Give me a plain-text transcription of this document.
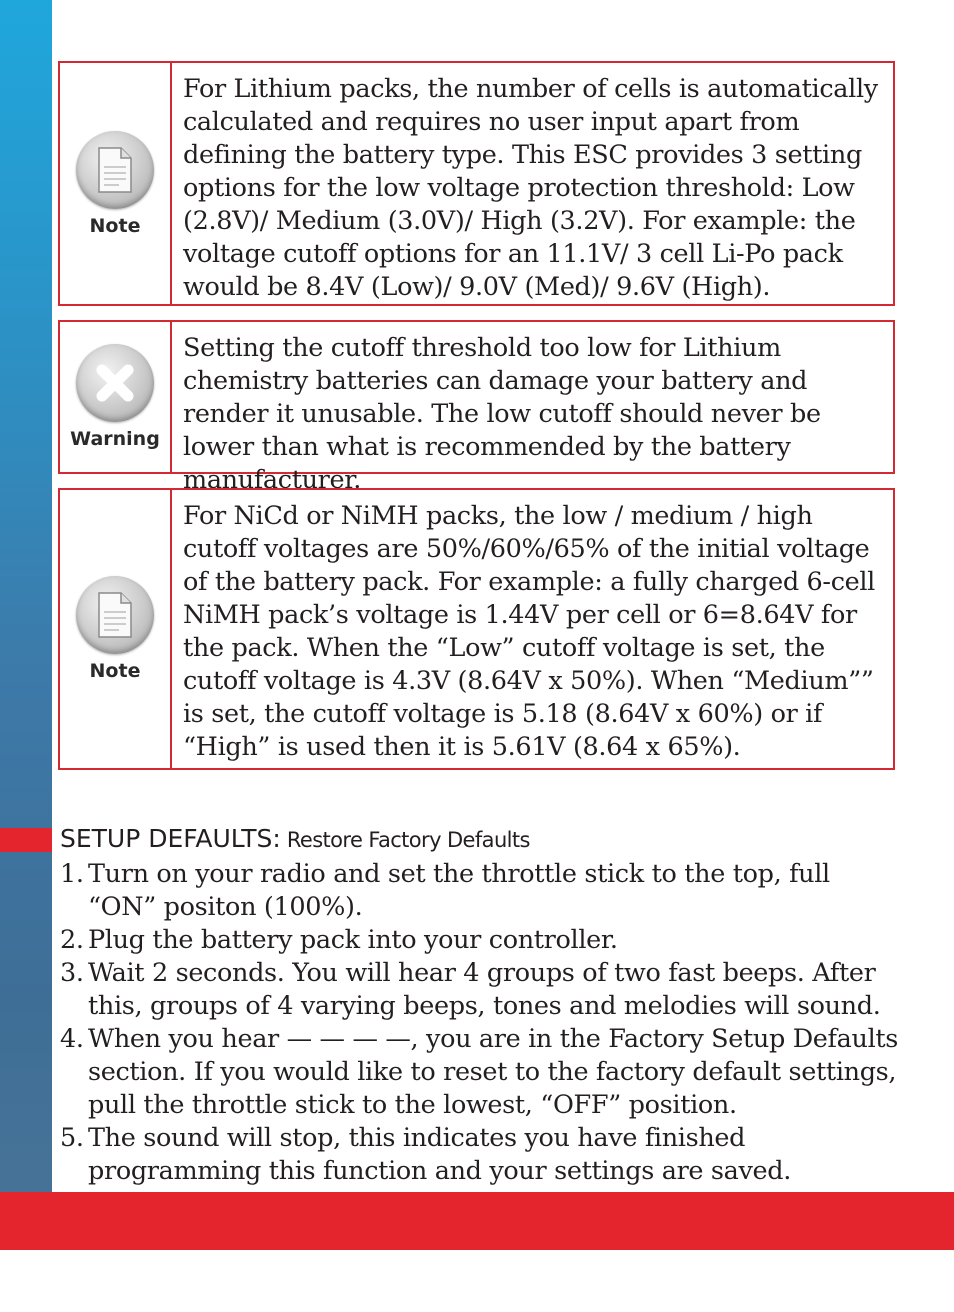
Note
For Lithium packs, the number of cells is automatically calculated and requires no user input apart from defining the battery type. This ESC provides 3 setting options for the low voltage protection threshold: Low (2.8V)/ Medium (3.0V)/ High (3.2V). For example: the voltage cutoff options for an 11.1V/ 3 cell Li-Po pack would be 8.4V (Low)/ 9.0V (Med)/ 9.6V (High).
Warning
Setting the cutoff threshold too low for Lithium chemistry batteries can damage your battery and render it unusable. The low cutoff should never be lower than what is recommended by the battery manufacturer.
Note
For NiCd or NiMH packs, the low / medium / high cutoff voltages are 50%/60%/65% of the initial voltage of the battery pack. For example: a fully charged 6-cell NiMH pack’s voltage is 1.44V per cell or 6=8.64V for the pack. When the “Low” cutoff voltage is set, the cutoff voltage is 4.3V (8.64V x 50%). When “Medium”” is set, the cutoff voltage is 5.18 (8.64V x 60%) or if “High” is used then it is 5.61V (8.64 x 65%).
SETUP DEFAULTS: Restore Factory Defaults
1. Turn on your radio and set the throttle stick to the top, full “ON” positon (100%).
2. Plug the battery pack into your controller.
3. Wait 2 seconds. You will hear 4 groups of two fast beeps. After this, groups of 4 varying beeps, tones and melodies will sound.
4. When you hear — — — —, you are in the Factory Setup Defaults section. If you would like to reset to the factory default settings, pull the throttle stick to the lowest, “OFF” position.
5. The sound will stop, this indicates you have finished programming this function and your settings are saved.
